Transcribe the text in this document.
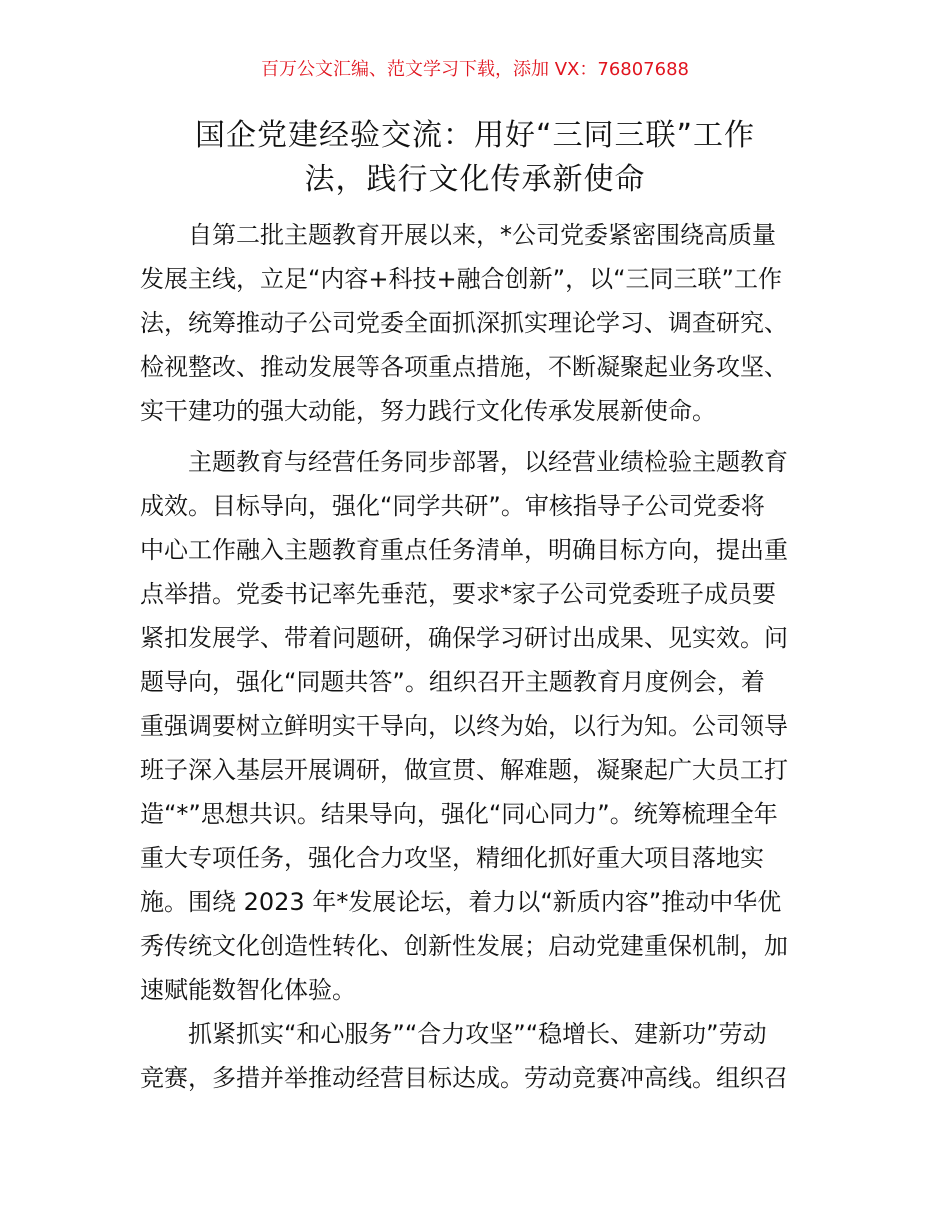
百万公文汇编、范文学习下载，添加 VX：76807688
国企党建经验交流：用好“三同三联”工作
法，践行文化传承新使命

自第二批主题教育开展以来，*公司党委紧密围绕高质量
发展主线，立足“内容+科技+融合创新”，以“三同三联”工作
法，统筹推动子公司党委全面抓深抓实理论学习、调查研究、
检视整改、推动发展等各项重点措施，不断凝聚起业务攻坚、
实干建功的强大动能，努力践行文化传承发展新使命。

主题教育与经营任务同步部署，以经营业绩检验主题教育
成效。目标导向，强化“同学共研”。审核指导子公司党委将
中心工作融入主题教育重点任务清单，明确目标方向，提出重
点举措。党委书记率先垂范，要求*家子公司党委班子成员要
紧扣发展学、带着问题研，确保学习研讨出成果、见实效。问
题导向，强化“同题共答”。组织召开主题教育月度例会，着
重强调要树立鲜明实干导向，以终为始，以行为知。公司领导
班子深入基层开展调研，做宣贯、解难题，凝聚起广大员工打
造“*”思想共识。结果导向，强化“同心同力”。统筹梳理全年
重大专项任务，强化合力攻坚，精细化抓好重大项目落地实
施。围绕 2023 年*发展论坛，着力以“新质内容”推动中华优
秀传统文化创造性转化、创新性发展；启动党建重保机制，加
速赋能数智化体验。

抓紧抓实“和心服务”“合力攻坚”“稳增长、建新功”劳动
竞赛，多措并举推动经营目标达成。劳动竞赛冲高线。组织召
